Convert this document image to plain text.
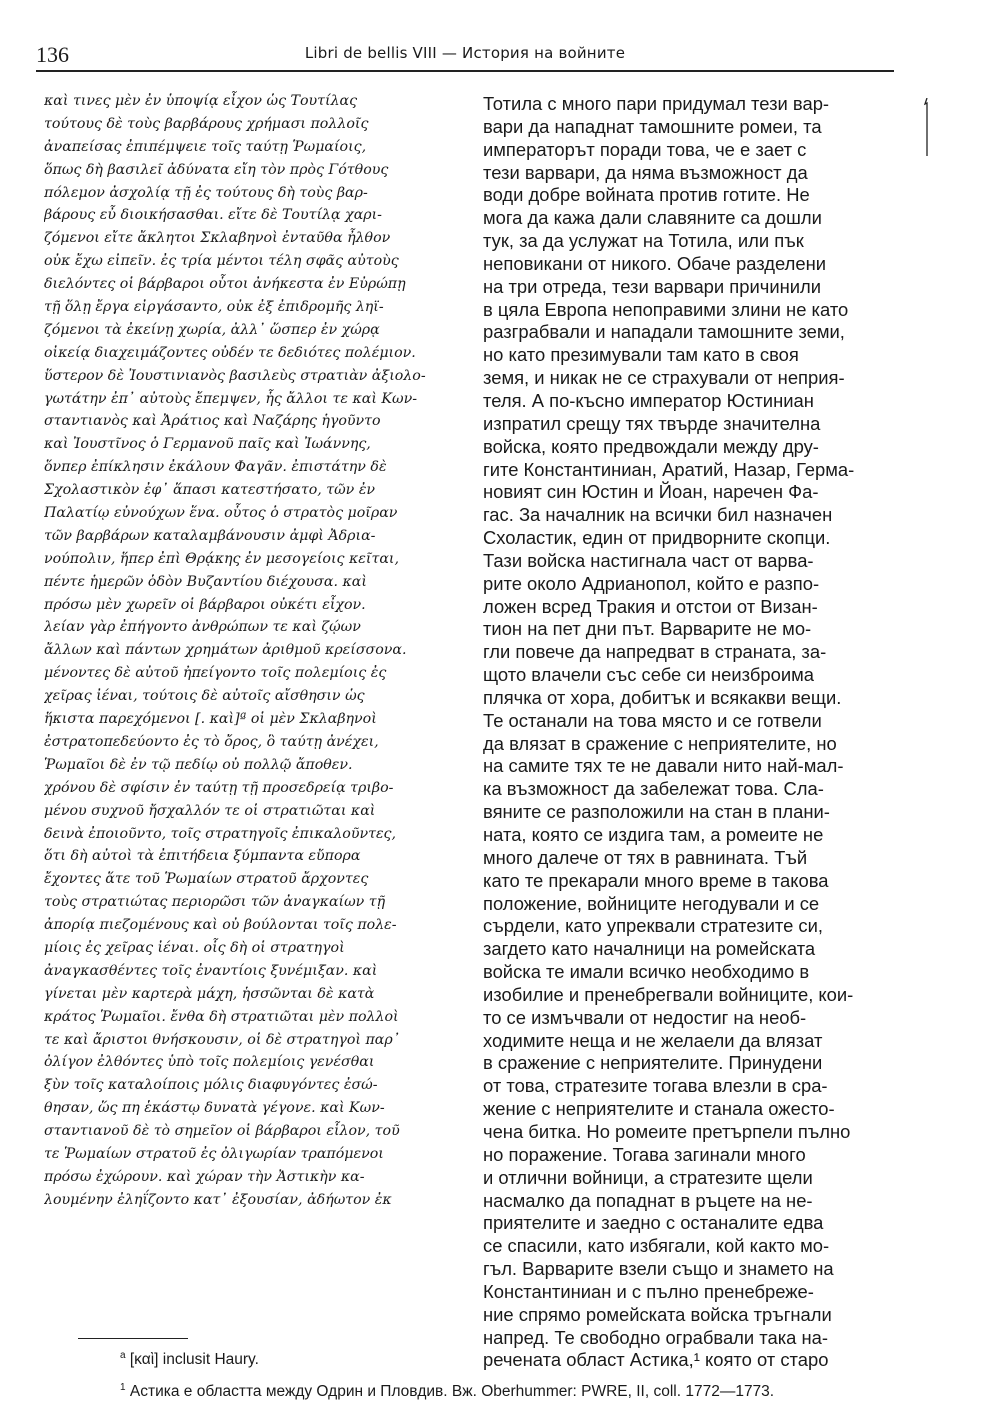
136	Libri de bellis VIII — История на войните
καὶ τινες μὲν ἐν ὑποψίᾳ εἶχον ὡς Τουτίλας
τούτους δὲ τοὺς βαρβάρους χρήμασι πολλοῖς
ἀναπείσας ἐπιπέμψειε τοῖς ταύτῃ Ῥωμαίοις,
ὅπως δὴ βασιλεῖ ἀδύνατα εἴη τὸν πρὸς Γότθους
πόλεμον ἀσχολίᾳ τῇ ἐς τούτους δὴ τοὺς βαρ-
βάρους εὖ διοικήσασθαι. εἴτε δὲ Τουτίλᾳ χαρι-
ζόμενοι εἴτε ἄκλητοι Σκλαβηνοὶ ἐνταῦθα ἦλθον
οὐκ ἔχω εἰπεῖν. ἐς τρία μέντοι τέλη σφᾶς αὐτοὺς
διελόντες οἱ βάρβαροι οὗτοι ἀνήκεστα ἐν Εὐρώπῃ
τῇ ὅλῃ ἔργα εἰργάσαντο, οὐκ ἐξ ἐπιδρομῆς ληϊ-
ζόμενοι τὰ ἐκείνῃ χωρία, ἀλλ᾽ ὥσπερ ἐν χώρᾳ
οἰκείᾳ διαχειμάζοντες οὐδέν τε δεδιότες πολέμιον.
ὕστερον δὲ Ἰουστινιανὸς βασιλεὺς στρατιὰν ἀξιολο-
γωτάτην ἐπ᾽ αὐτοὺς ἔπεμψεν, ἧς ἄλλοι τε καὶ Κων-
σταντιανὸς καὶ Ἀράτιος καὶ Ναζάρης ἡγοῦντο
καὶ Ἰουστῖνος ὁ Γερμανοῦ παῖς καὶ Ἰωάννης,
ὅνπερ ἐπίκλησιν ἐκάλουν Φαγᾶν. ἐπιστάτην δὲ
Σχολαστικὸν ἐφ᾽ ἅπασι κατεστήσατο, τῶν ἐν
Παλατίῳ εὐνούχων ἕνα. οὗτος ὁ στρατὸς μοῖραν
τῶν βαρβάρων καταλαμβάνουσιν ἀμφὶ Ἀδρια-
νούπολιν, ἥπερ ἐπὶ Θρᾴκης ἐν μεσογείοις κεῖται,
πέντε ἡμερῶν ὁδὸν Βυζαντίου διέχουσα. καὶ
πρόσω μὲν χωρεῖν οἱ βάρβαροι οὐκέτι εἶχον.
λείαν γὰρ ἐπήγοντο ἀνθρώπων τε καὶ ζῴων
ἄλλων καὶ πάντων χρημάτων ἀριθμοῦ κρείσσονα.
μένοντες δὲ αὐτοῦ ἠπείγοντο τοῖς πολεμίοις ἐς
χεῖρας ἰέναι, τούτοις δὲ αὐτοῖς αἴσθησιν ὡς
ἥκιστα παρεχόμενοι [. καὶ]ª οἱ μὲν Σκλαβηνοὶ
ἐστρατοπεδεύοντο ἐς τὸ ὄρος, ὃ ταύτῃ ἀνέχει,
Ῥωμαῖοι δὲ ἐν τῷ πεδίῳ οὐ πολλῷ ἄποθεν.
χρόνου δὲ σφίσιν ἐν ταύτῃ τῇ προσεδρείᾳ τριβο-
μένου συχνοῦ ἤσχαλλόν τε οἱ στρατιῶται καὶ
δεινὰ ἐποιοῦντο, τοῖς στρατηγοῖς ἐπικαλοῦντες,
ὅτι δὴ αὐτοὶ τὰ ἐπιτήδεια ξύμπαντα εὔπορα
ἔχοντες ἅτε τοῦ Ῥωμαίων στρατοῦ ἄρχοντες
τοὺς στρατιώτας περιορῶσι τῶν ἀναγκαίων τῇ
ἀπορίᾳ πιεζομένους καὶ οὐ βούλονται τοῖς πολε-
μίοις ἐς χεῖρας ἰέναι. οἷς δὴ οἱ στρατηγοὶ
ἀναγκασθέντες τοῖς ἐναντίοις ξυνέμιξαν. καὶ
γίνεται μὲν καρτερὰ μάχη, ἡσσῶνται δὲ κατὰ
κράτος Ῥωμαῖοι. ἔνθα δὴ στρατιῶται μὲν πολλοὶ
τε καὶ ἄριστοι θνήσκουσιν, οἱ δὲ στρατηγοὶ παρ᾽
ὀλίγον ἐλθόντες ὑπὸ τοῖς πολεμίοις γενέσθαι
ξὺν τοῖς καταλοίποις μόλις διαφυγόντες ἐσώ-
θησαν, ὥς πη ἑκάστῳ δυνατὰ γέγονε. καὶ Κων-
σταντιανοῦ δὲ τὸ σημεῖον οἱ βάρβαροι εἷλον, τοῦ
τε Ῥωμαίων στρατοῦ ἐς ὀλιγωρίαν τραπόμενοι
πρόσω ἐχώρουν. καὶ χώραν τὴν Ἀστικὴν κα-
λουμένην ἐληΐζοντο κατ᾽ ἐξουσίαν, ἀδήωτον ἐκ
Тотила с много пари придумал тези вар-
вари да нападнат тамошните ромеи, та
императорът поради това, че е зает с
тези варвари, да няма възможност да
води добре войната против готите. Не
мога да кажа дали славяните са дошли
тук, за да услужат на Тотила, или пък
неповикани от никого. Обаче разделени
на три отреда, тези варвари причинили
в цяла Европа непоправими злини не като
разграбвали и нападали тамошните земи,
но като презимували там като в своя
земя, и никак не се страхували от неприя-
теля. А по-късно император Юстиниан
изпратил срещу тях твърде значителна
войска, която предвождали между дру-
гите Константиниан, Аратий, Назар, Герма-
новият син Юстин и Йоан, наречен Фа-
гас. За началник на всички бил назначен
Схоластик, един от придворните скопци.
Тази войска настигнала част от варва-
рите около Адрианопол, който е разпо-
ложен всред Тракия и отстои от Визан-
тион на пет дни път. Варварите не мо-
гли повече да напредват в страната, за-
щото влачели със себе си неизброима
плячка от хора, добитък и всякакви вещи.
Те останали на това място и се готвели
да влязат в сражение с неприятелите, но
на самите тях те не давали нито най-мал-
ка възможност да забележат това. Сла-
вяните се разположили на стан в плани-
ната, която се издига там, а ромеите не
много далече от тях в равнината. Тъй
като те прекарали много време в такова
положение, войниците негодували и се
сърдели, като упреквали стратезите си,
загдето като началници на ромейската
войска те имали всичко необходимо в
изобилие и пренебрегвали войниците, кои-
то се измъчвали от недостиг на необ-
ходимите неща и не желаели да влязат
в сражение с неприятелите. Принудени
от това, стратезите тогава влезли в сра-
жение с неприятелите и станала ожесто-
чена битка. Но ромеите претърпели пълно
но поражение. Тогава загинали много
и отлични войници, а стратезите щели
насмалко да попаднат в ръцете на не-
приятелите и заедно с останалите едва
се спасили, като избягали, кой както мо-
гъл. Варварите взели също и знамето на
Константиниан и с пълно пренебреже-
ние спрямо ромейската войска тръгнали
напред. Те свободно ограбвали така на-
речената област Астика,¹ която от старо
$^a$ [καὶ] inclusit Haury.
$^1$ Астика е областта между Одрин и Пловдив. Вж. Oberhummer: PWRE, II, coll. 1772—1773.
